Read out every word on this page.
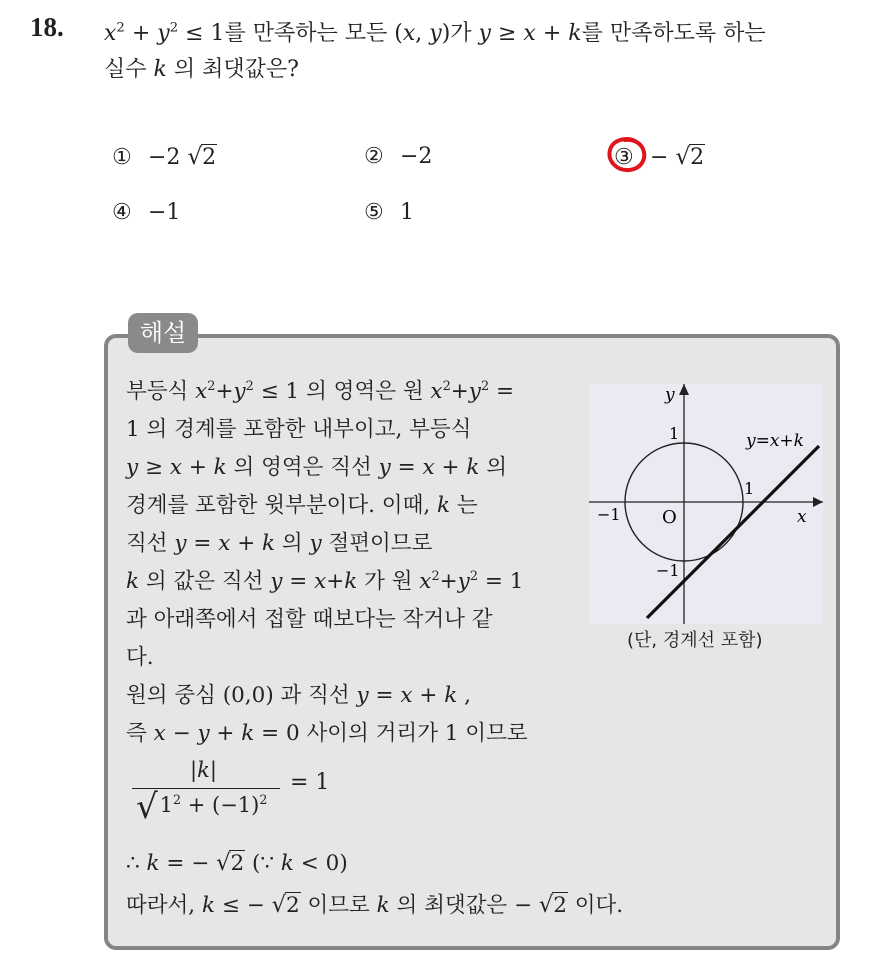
18. $x^2 + y^2 \le 1$를 만족하는 모든 (x, y)가 y ≥ x + k를 만족하도록 하는
실수 k 의 최댓값은?
① −2 √2	② −2	③ − √2
④ −1	⑤ 1
해설
부등식 $x^2+y^2 \le 1$ 의 영역은 원 $x^2+y^2$ =
1 의 경계를 포함한 내부이고, 부등식
y ≥ x + k 의 영역은 직선 y = x + k 의
경계를 포함한 윗부분이다. 이때, k 는
직선 y = x + k 의 y 절편이므로
k 의 값은 직선 y = x+k 가 원 $x^2+y^2 = 1$
과 아래쪽에서 접할 때보다는 작거나 같
다.
원의 중심 (0,0) 과 직선 y = x + k ,
즉 x − y + k = 0 사이의 거리가 1 이므로
|k|
$√1^2 + (-1)^2$
= 1
∴ k = − √2 (∵ k < 0)
따라서, k ≤ − √2 이므로 k 의 최댓값은 − √2 이다.
y
x
O
1
−1
1
−1
y=x+k
(단, 경계선 포함)
